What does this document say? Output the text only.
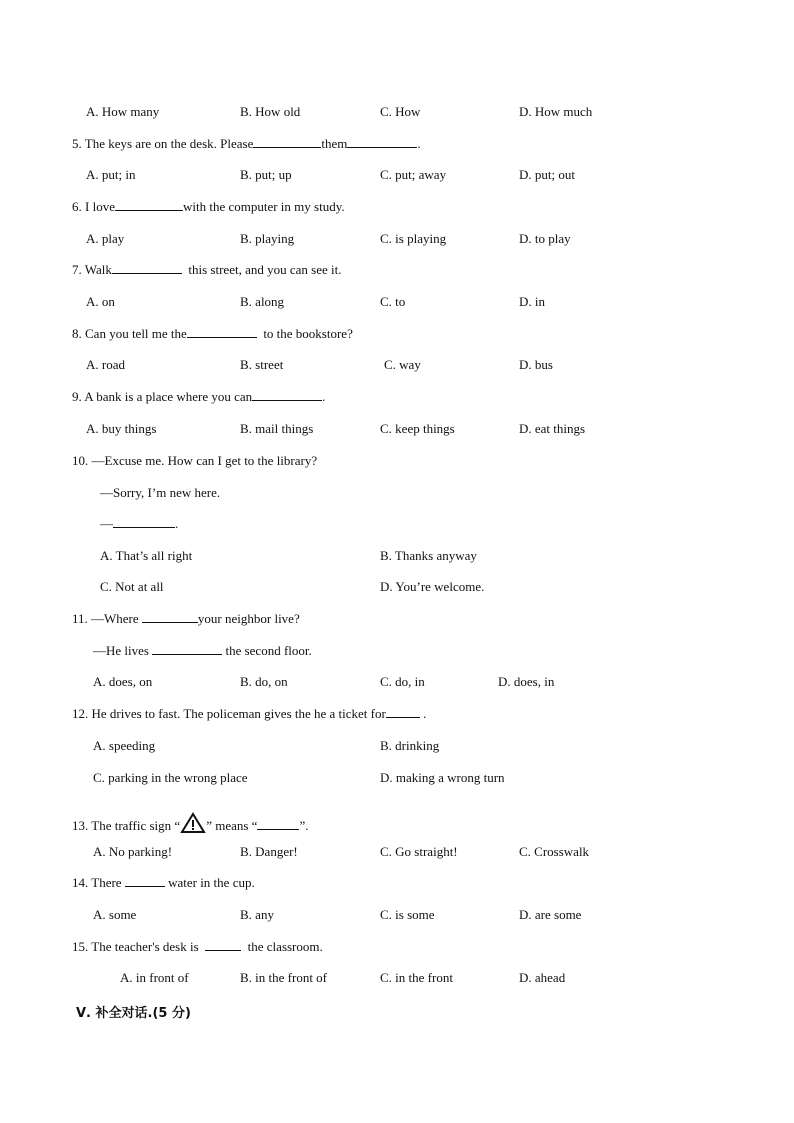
A. How many	B. How old	C. How	D. How much
5. The keys are on the desk. Please	them	.
A. put; in	B. put; up	C. put; away	D. put; out
6. I love	with the computer in my study.
A. play	B. playing	C. is playing	D. to play
7. Walk	this street, and you can see it.
A. on	B. along	C. to	D. in
8. Can you tell me the	to the bookstore?
A. road	B. street	C. way	D. bus
9. A bank is a place where you can	.
A. buy things	B. mail things	C. keep things	D. eat things
10. —Excuse me. How can I get to the library?
—Sorry, I’m new here.
—	.
A. That’s all right	B. Thanks anyway
C. Not at all	D. You’re welcome.
11. —Where	your neighbor live?
—He lives	the second floor.
A. does, on	B. do, on	C. do, in	D. does, in
12. He drives to fast. The policeman gives the he a ticket for	.
A. speeding	B. drinking
C. parking in the wrong place	D. making a wrong turn
13. The traffic sign “ ” means “	”.
A. No parking!	B. Danger!	C. Go straight!	C. Crosswalk
14. There	water in the cup.
A. some	B. any	C. is some	D. are some
15. The teacher's desk is	the classroom.
A. in front of	B. in the front of	C. in the front	D. ahead
Ⅴ. 补全对话.(5 分)
